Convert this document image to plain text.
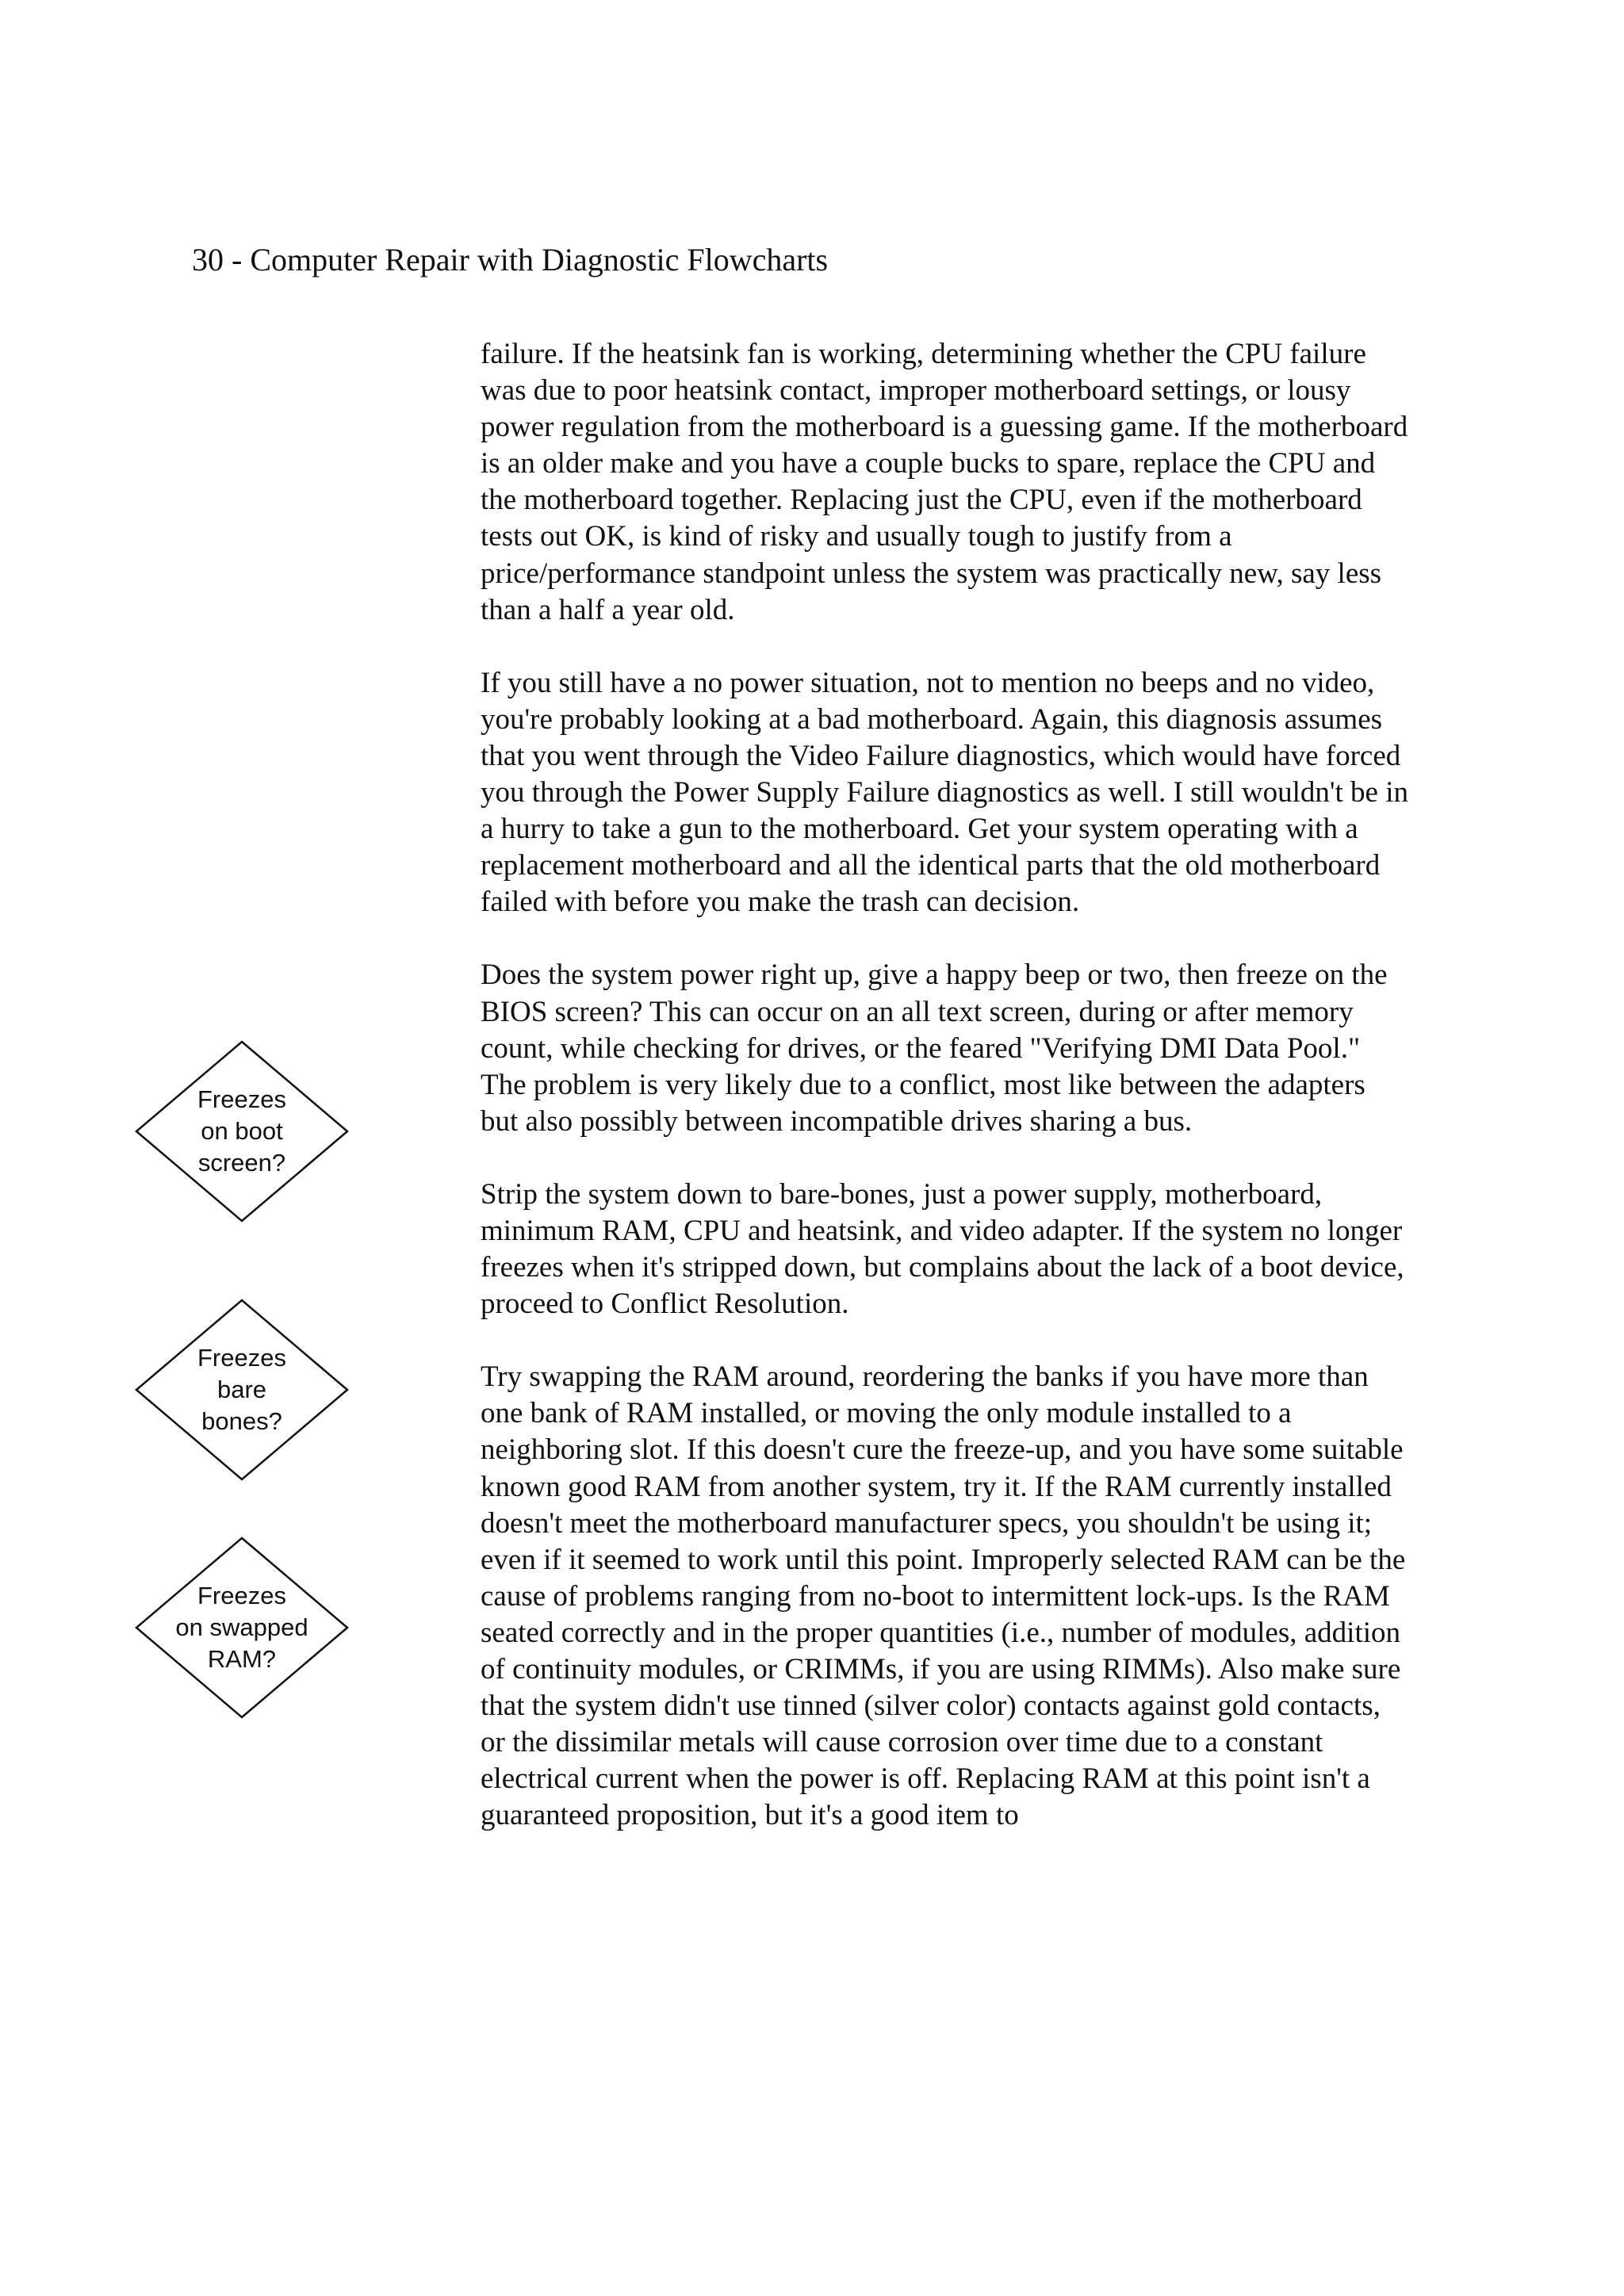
30 - Computer Repair with Diagnostic Flowcharts

failure. If the heatsink fan is working, determining whether the CPU failure was due to poor heatsink contact, improper motherboard settings, or lousy power regulation from the motherboard is a guessing game. If the motherboard is an older make and you have a couple bucks to spare, replace the CPU and the motherboard together. Replacing just the CPU, even if the motherboard tests out OK, is kind of risky and usually tough to justify from a price/performance standpoint unless the system was practically new, say less than a half a year old.

If you still have a no power situation, not to mention no beeps and no video, you're probably looking at a bad motherboard. Again, this diagnosis assumes that you went through the Video Failure diagnostics, which would have forced you through the Power Supply Failure diagnostics as well. I still wouldn't be in a hurry to take a gun to the motherboard. Get your system operating with a replacement motherboard and all the identical parts that the old motherboard failed with before you make the trash can decision.

Does the system power right up, give a happy beep or two, then freeze on the BIOS screen? This can occur on an all text screen, during or after memory count, while checking for drives, or the feared "Verifying DMI Data Pool." The problem is very likely due to a conflict, most like between the adapters but also possibly between incompatible drives sharing a bus.

Strip the system down to bare-bones, just a power supply, motherboard, minimum RAM, CPU and heatsink, and video adapter. If the system no longer freezes when it's stripped down, but complains about the lack of a boot device, proceed to Conflict Resolution.

Try swapping the RAM around, reordering the banks if you have more than one bank of RAM installed, or moving the only module installed to a neighboring slot. If this doesn't cure the freeze-up, and you have some suitable known good RAM from another system, try it. If the RAM currently installed doesn't meet the motherboard manufacturer specs, you shouldn't be using it; even if it seemed to work until this point. Improperly selected RAM can be the cause of problems ranging from no-boot to intermittent lock-ups. Is the RAM seated correctly and in the proper quantities (i.e., number of modules, addition of continuity modules, or CRIMMs, if you are using RIMMs). Also make sure that the system didn't use tinned (silver color) contacts against gold contacts, or the dissimilar metals will cause corrosion over time due to a constant electrical current when the power is off. Replacing RAM at this point isn't a guaranteed proposition, but it's a good item to

Freezes
on boot
screen?
Freezes
bare
bones?
Freezes
on swapped
RAM?
